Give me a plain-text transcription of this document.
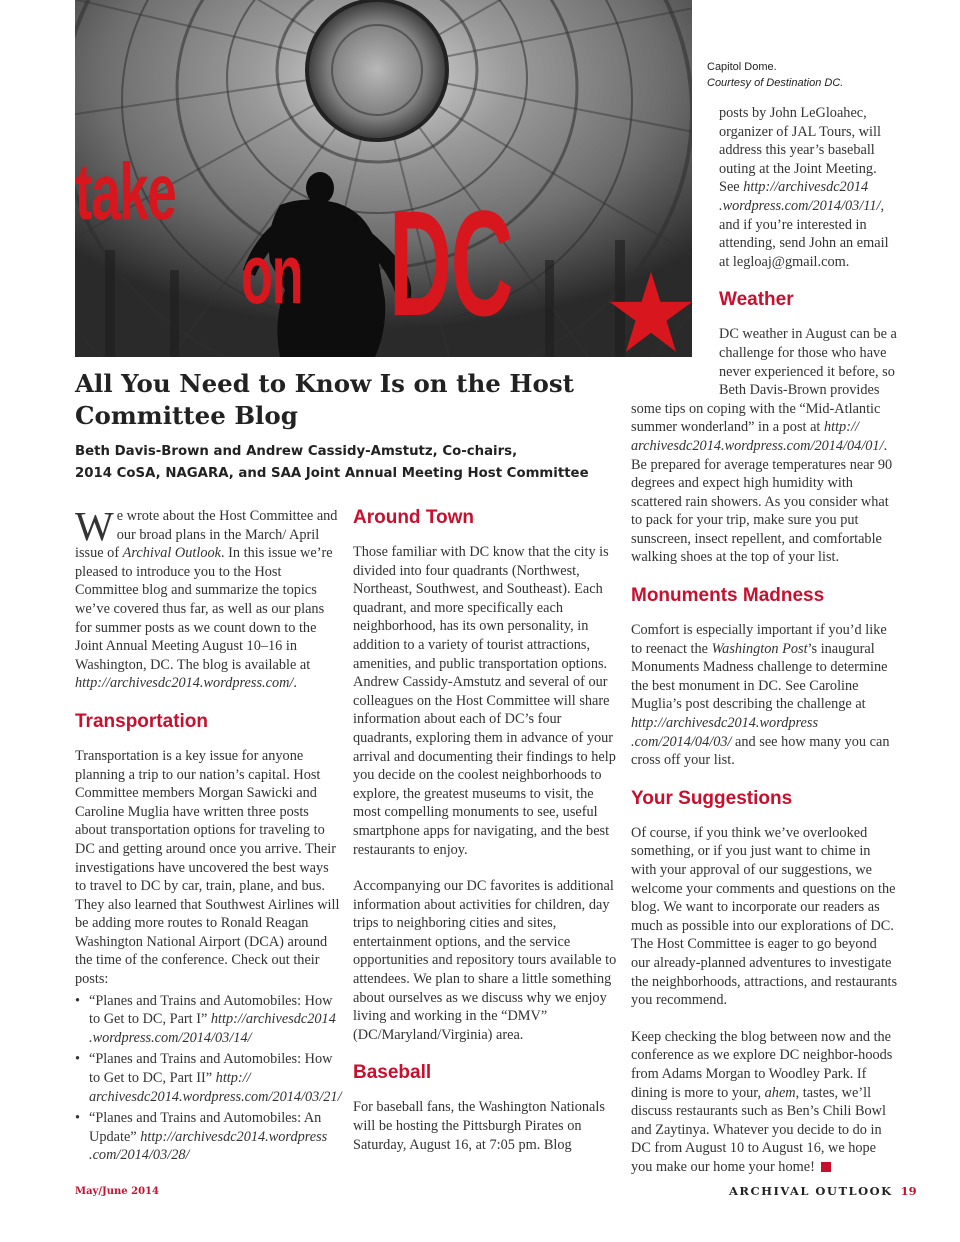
take
on DC
Capitol Dome.
Courtesy of Destination DC.
All You Need to Know Is on the Host Committee Blog
Beth Davis-Brown and Andrew Cassidy-Amstutz, Co-chairs,
2014 CoSA, NAGARA, and SAA Joint Annual Meeting Host Committee

We wrote about the Host Committee and our broad plans in the March/ April issue of Archival Outlook. In this issue we’re pleased to introduce you to the Host Committee blog and summarize the topics we’ve covered thus far, as well as our plans for summer posts as we count down to the Joint Annual Meeting August 10–16 in Washington, DC. The blog is available at http://archivesdc2014.wordpress.com/.

Transportation

Transportation is a key issue for anyone planning a trip to our nation’s capital. Host Committee members Morgan Sawicki and Caroline Muglia have written three posts about transportation options for traveling to DC and getting around once you arrive. Their investigations have uncovered the best ways to travel to DC by car, train, plane, and bus. They also learned that Southwest Airlines will be adding more routes to Ronald Reagan Washington National Airport (DCA) around the time of the conference. Check out their posts:

• “Planes and Trains and Automobiles: How to Get to DC, Part I” http://archivesdc2014 .wordpress.com/2014/03/14/
• “Planes and Trains and Automobiles: How to Get to DC, Part II” http:// archivesdc2014.wordpress.com/2014/03/21/
• “Planes and Trains and Automobiles: An Update” http://archivesdc2014.wordpress .com/2014/03/28/
Around Town

Those familiar with DC know that the city is divided into four quadrants (Northwest, Northeast, Southwest, and Southeast). Each quadrant, and more specifically each neighborhood, has its own personality, in addition to a variety of tourist attractions, amenities, and public transportation options. Andrew Cassidy-Amstutz and several of our colleagues on the Host Committee will share information about each of DC’s four quadrants, exploring them in advance of your arrival and documenting their findings to help you decide on the coolest neighborhoods to explore, the greatest museums to visit, the most compelling monuments to see, useful smartphone apps for navigating, and the best restaurants to enjoy.

Accompanying our DC favorites is additional information about activities for children, day trips to neighboring cities and sites, entertainment options, and the service opportunities and repository tours available to attendees. We plan to share a little something about ourselves as we discuss why we enjoy living and working in the “DMV” (DC/Maryland/Virginia) area.

Baseball

For baseball fans, the Washington Nationals will be hosting the Pittsburgh Pirates on Saturday, August 16, at 7:05 pm. Blog

posts by John LeGloahec, organizer of JAL Tours, will address this year’s baseball outing at the Joint Meeting. See http://archivesdc2014 .wordpress.com/2014/03/11/, and if you’re interested in attending, send John an email at legloaj@gmail.com.

Weather

DC weather in August can be a challenge for those who have never experienced it before, so Beth Davis-Brown provides some tips on coping with the “Mid-Atlantic summer wonderland” in a post at http:// archivesdc2014.wordpress.com/2014/04/01/. Be prepared for average temperatures near 90 degrees and expect high humidity with scattered rain showers. As you consider what to pack for your trip, make sure you put sunscreen, insect repellent, and comfortable walking shoes at the top of your list.

Monuments Madness

Comfort is especially important if you’d like to reenact the Washington Post’s inaugural Monuments Madness challenge to determine the best monument in DC. See Caroline Muglia’s post describing the challenge at http://archivesdc2014.wordpress .com/2014/04/03/ and see how many you can cross off your list.

Your Suggestions

Of course, if you think we’ve overlooked something, or if you just want to chime in with your approval of our suggestions, we welcome your comments and questions on the blog. We want to incorporate our readers as much as possible into our explorations of DC. The Host Committee is eager to go beyond our already-planned adventures to investigate the neighborhoods, attractions, and restaurants you recommend.

Keep checking the blog between now and the conference as we explore DC neighbor-hoods from Adams Morgan to Woodley Park. If dining is more to your, ahem, tastes, we’ll discuss restaurants such as Ben’s Chili Bowl and Zaytinya. Whatever you decide to do in DC from August 10 to August 16, we hope you make our home your home!

May/June 2014	ARCHIVAL OUTLOOK 19
